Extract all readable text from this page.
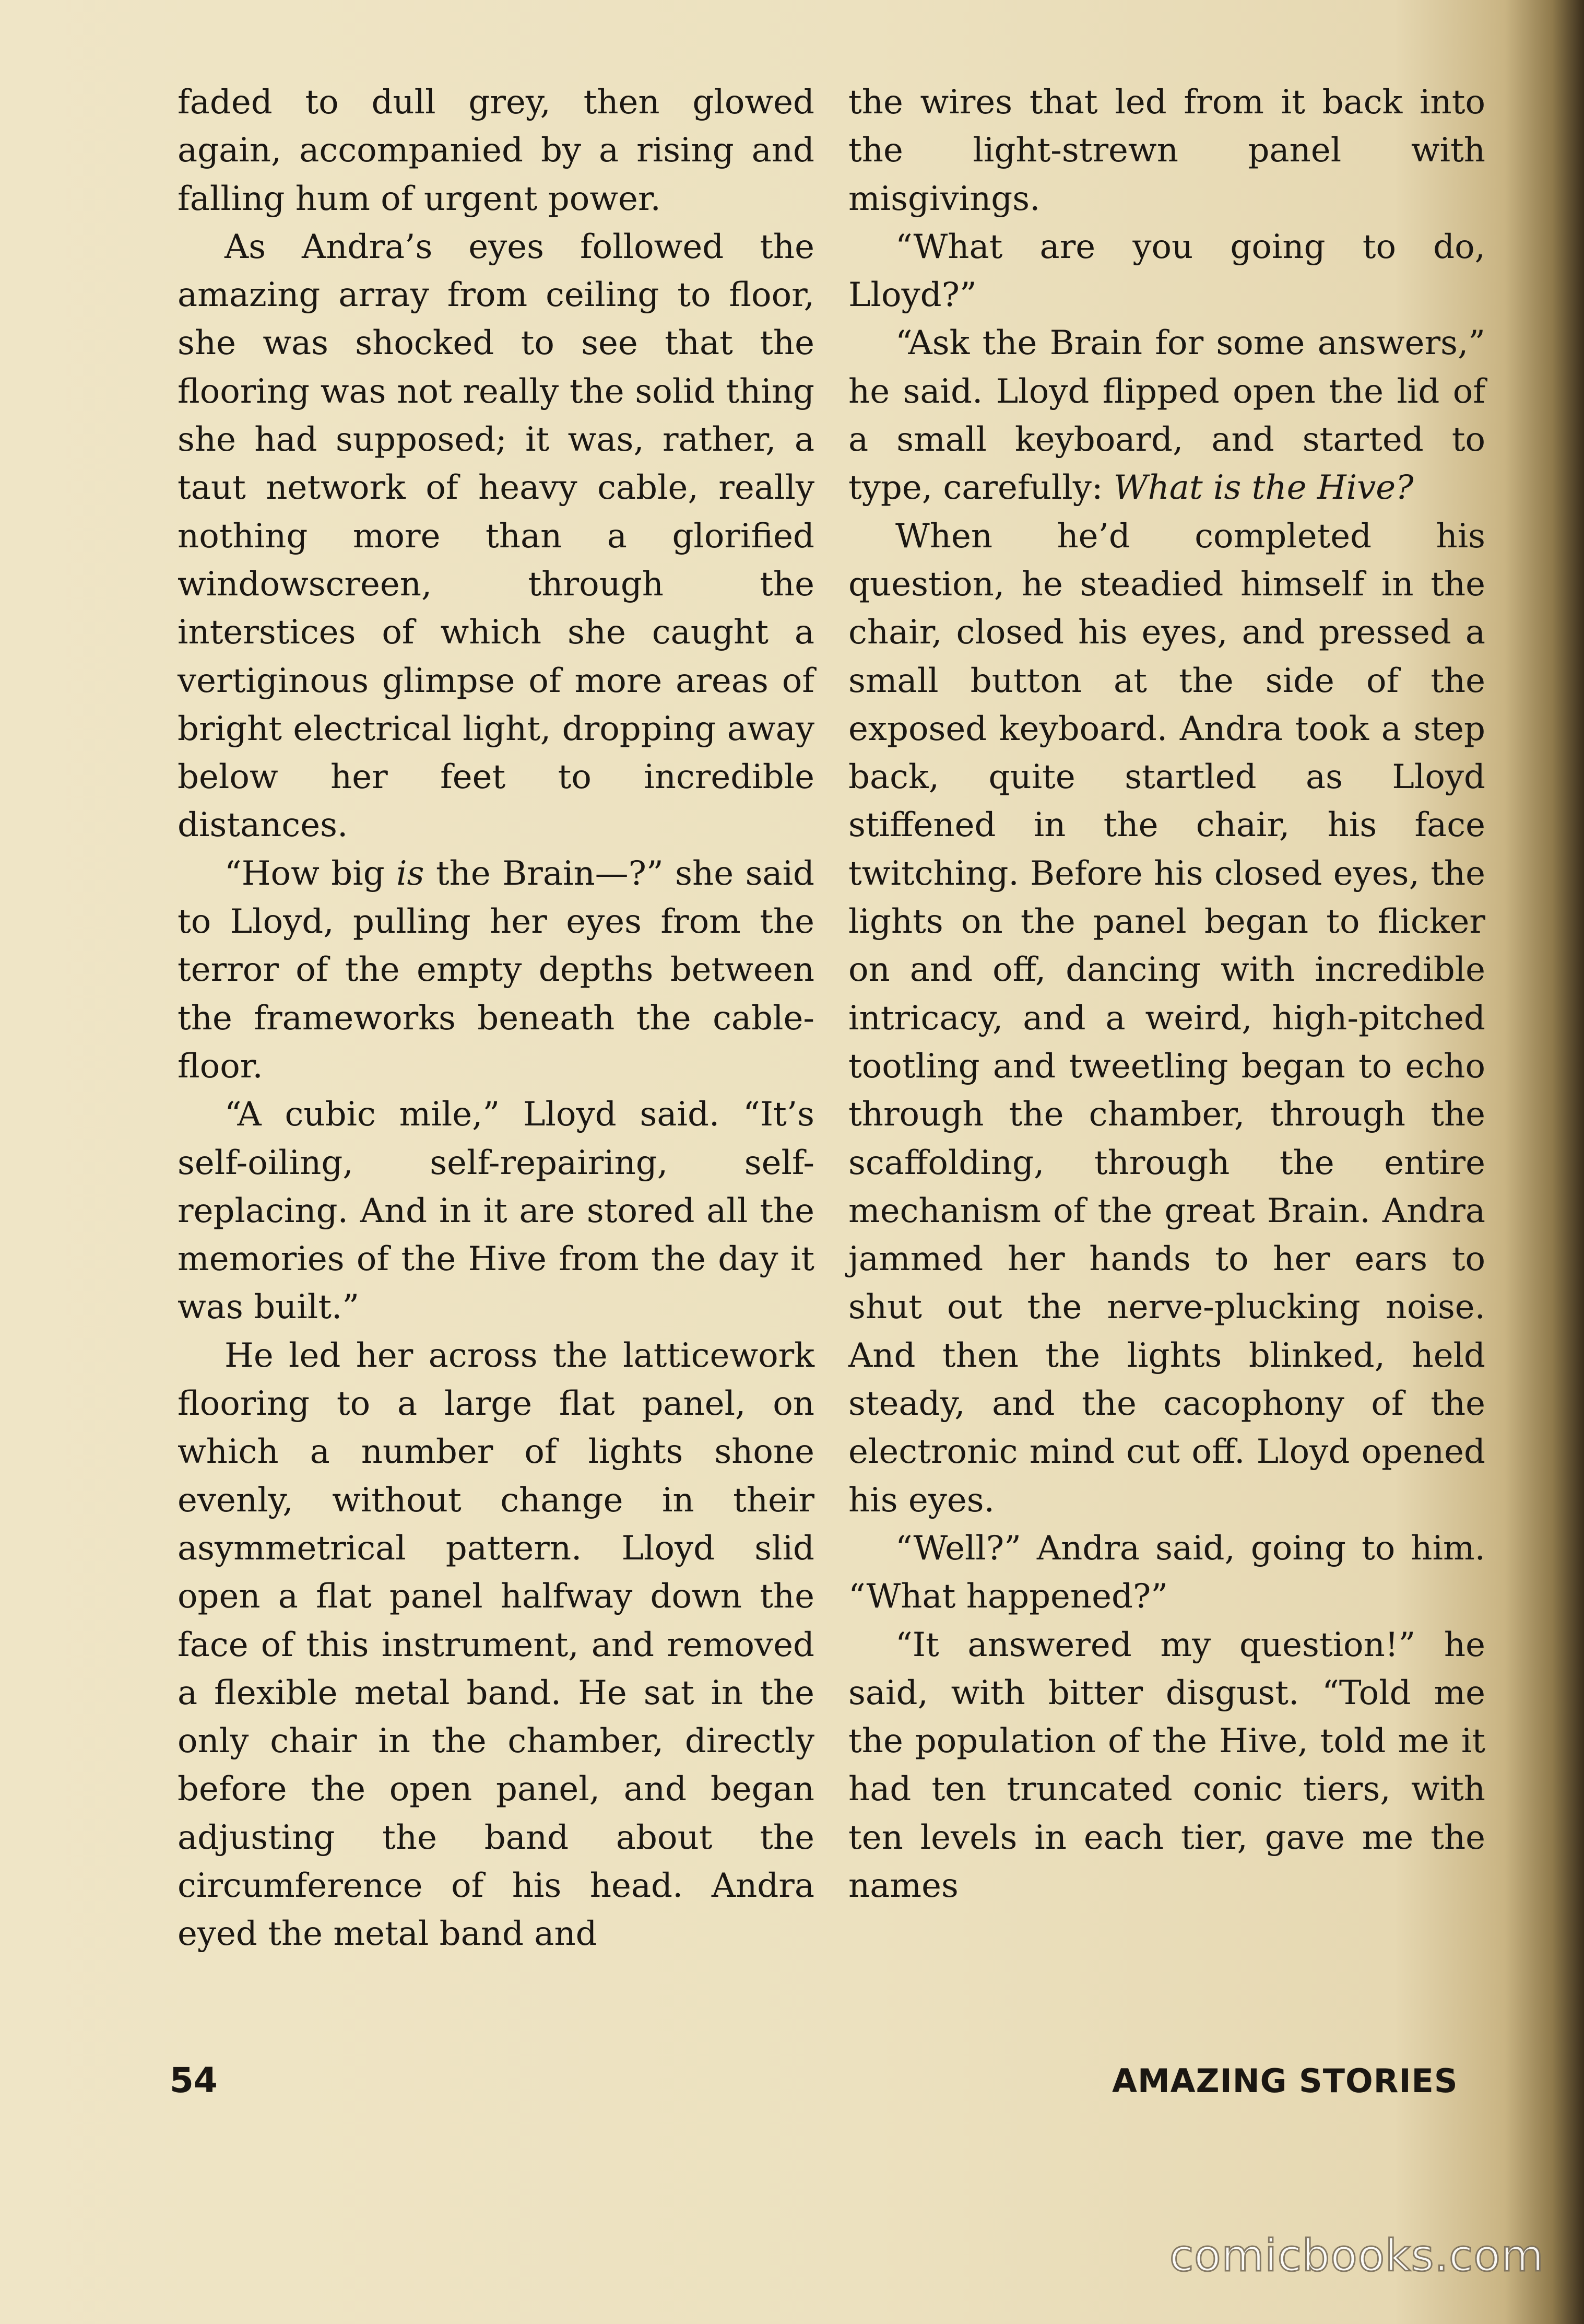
faded to dull grey, then glowed again, accompanied by a rising and falling hum of urgent power.

As Andra’s eyes followed the amazing array from ceiling to floor, she was shocked to see that the flooring was not really the solid thing she had supposed; it was, rather, a taut network of heavy cable, really nothing more than a glorified windowscreen, through the interstices of which she caught a vertiginous glimpse of more areas of bright electrical light, dropping away below her feet to incredible distances.

“How big is the Brain—?” she said to Lloyd, pulling her eyes from the terror of the empty depths between the frameworks beneath the cable-floor.

“A cubic mile,” Lloyd said. “It’s self-oiling, self-repairing, self-replacing. And in it are stored all the memories of the Hive from the day it was built.”

He led her across the latticework flooring to a large flat panel, on which a number of lights shone evenly, without change in their asymmetrical pattern. Lloyd slid open a flat panel halfway down the face of this instrument, and removed a flexible metal band. He sat in the only chair in the chamber, directly before the open panel, and began adjusting the band about the circumference of his head. Andra eyed the metal band and

the wires that led from it back into the light-strewn panel with misgivings.

“What are you going to do, Lloyd?”

“Ask the Brain for some answers,” he said. Lloyd flipped open the lid of a small keyboard, and started to type, carefully: What is the Hive?

When he’d completed his question, he steadied himself in the chair, closed his eyes, and pressed a small button at the side of the exposed keyboard. Andra took a step back, quite startled as Lloyd stiffened in the chair, his face twitching. Before his closed eyes, the lights on the panel began to flicker on and off, dancing with incredible intricacy, and a weird, high-pitched tootling and tweetling began to echo through the chamber, through the scaffolding, through the entire mechanism of the great Brain. Andra jammed her hands to her ears to shut out the nerve-plucking noise. And then the lights blinked, held steady, and the cacophony of the electronic mind cut off. Lloyd opened his eyes.

“Well?” Andra said, going to him. “What happened?”

“It answered my question!” he said, with bitter disgust. “Told me the population of the Hive, told me it had ten truncated conic tiers, with ten levels in each tier, gave me the names

54	AMAZING STORIES
comicbooks.com
